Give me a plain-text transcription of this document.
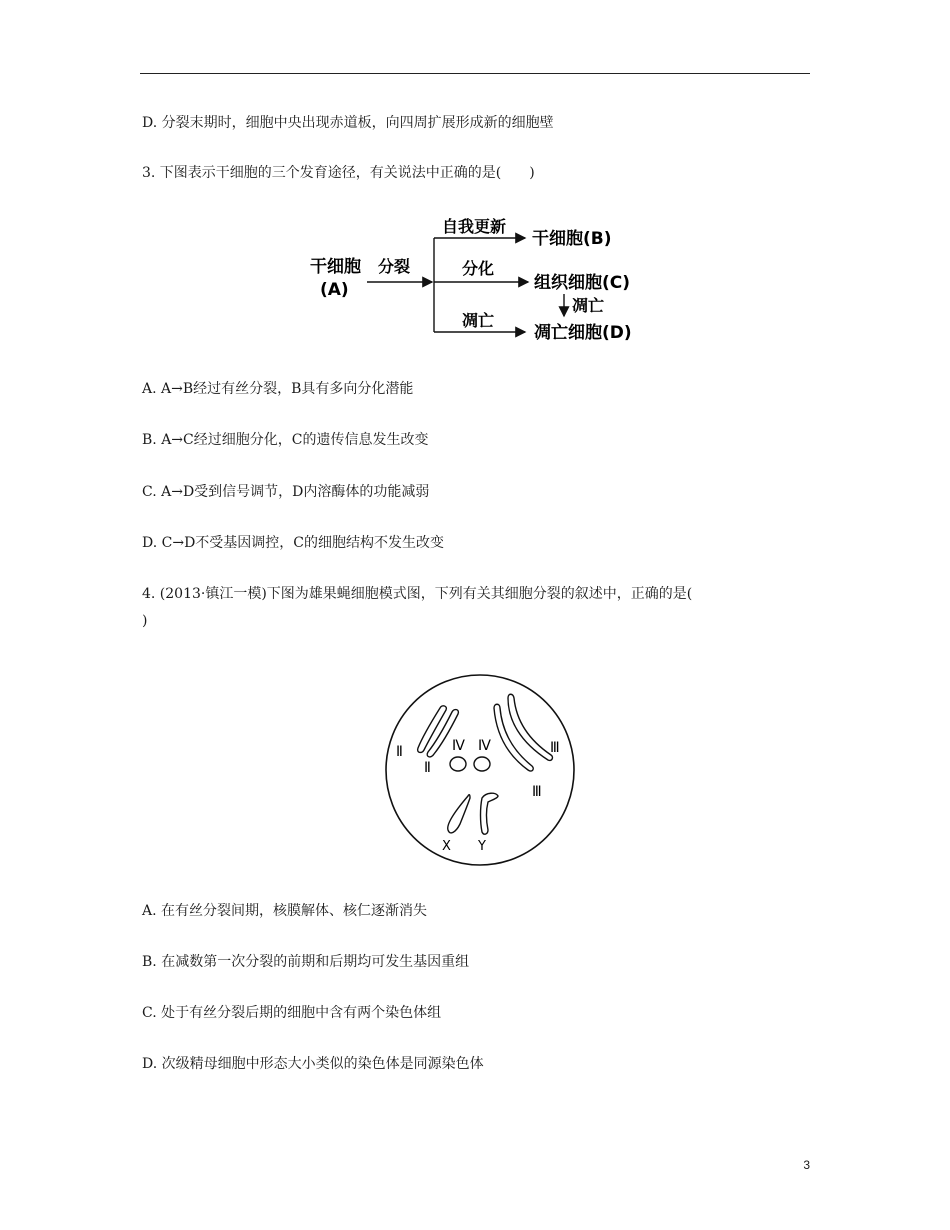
D. 分裂末期时，细胞中央出现赤道板，向四周扩展形成新的细胞壁
3. 下图表示干细胞的三个发育途径，有关说法中正确的是(　　)
干细胞
(A)
分裂
自我更新
干细胞(B)
分化
组织细胞(C)
凋亡
凋亡
凋亡细胞(D)
A. A→B经过有丝分裂，B具有多向分化潜能
B. A→C经过细胞分化，C的遗传信息发生改变
C. A→D受到信号调节，D内溶酶体的功能减弱
D. C→D不受基因调控，C的细胞结构不发生改变
4. (2013·镇江一模)下图为雄果蝇细胞模式图，下列有关其细胞分裂的叙述中，正确的是(
)
Ⅱ
Ⅱ
Ⅳ Ⅳ	Ⅲ
Ⅲ
X Y
A. 在有丝分裂间期，核膜解体、核仁逐渐消失
B. 在减数第一次分裂的前期和后期均可发生基因重组
C. 处于有丝分裂后期的细胞中含有两个染色体组
D. 次级精母细胞中形态大小类似的染色体是同源染色体
3
